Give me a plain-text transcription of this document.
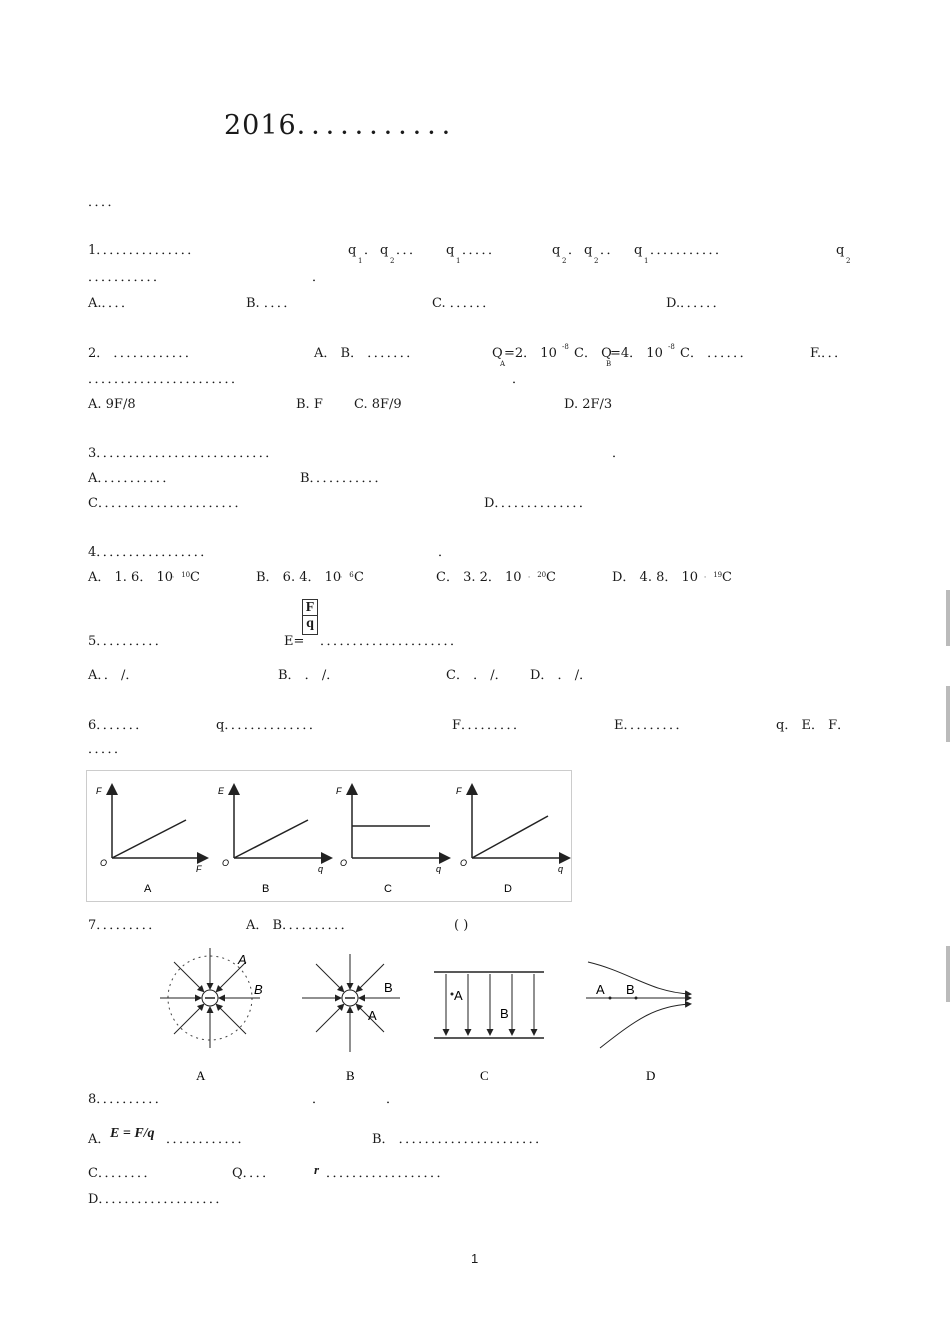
2016．．．．．．．．．．．
．．．．
1．．．．．．．．．．．．．．．	q
1
． q
2
．．． q
1
．．．．．	q
2
． q
2
．． q
1
．．．．．．．．．．．	q
2
．．．．．．．．．．．	．
A.．．．．	B. ．．．．	C. ．．．．．．	D.．．．．．．
2． ．．．．．．．．．．．．	A． B． ．．．．．．．	Q
A
=2． 10 -8 C． Q
B
=4． 10 -8 C． ．．．．．．	F.．．．
．．．．．．．．．．．．．．．．．．．．．．．	．
A. 9F/8	B. F C. 8F/9	D. 2F/3
3．．．．．．．．．．．．．．．．．．．．．．．．．．．	．
A．．．．．．．．．．．	B．．．．．．．．．．．
C．．．．．．．．．．．．．．．．．．．．．．	D．．．．．．．．．．．．．．
4．．．．．．．．．．．．．．．．．	．
A． 1. 6． 10
． 10 C	B． 6. 4． 10
． 6 C	C． 3. 2． 10 ． 20 C	D． 4. 8． 10 ． 19 C
5．．．．．．．．．．	E=
$\frac{F}{q}$
．．．．．．．．．．．．．．．．．．．．．
A．． /．	B． ． /．	C． ． /． D． ． /．
6．．．．．．．	q．．．．．．．．．．．．．．	F．．．．．．．．．	E．．．．．．．．．	q． E． F．
．．．．．
F
O
F
A
E
O
q
B
F
O
q
C
F
O
q
D
7．．．．．．．．．	A． B．．．．．．．．．．	( )
A
B
A
B
A
B
A
B
C
A B
D
8．．．．．．．．．．	．	．
A． E = F/q ．．．．．．．．．．．．	B． ．．．．．．．．．．．．．．．．．．．．．．
C．．．．．．．．	Q．．．．	r ．．．．．．．．．．．．．．．．．．
D．．．．．．．．．．．．．．．．．．．
1
